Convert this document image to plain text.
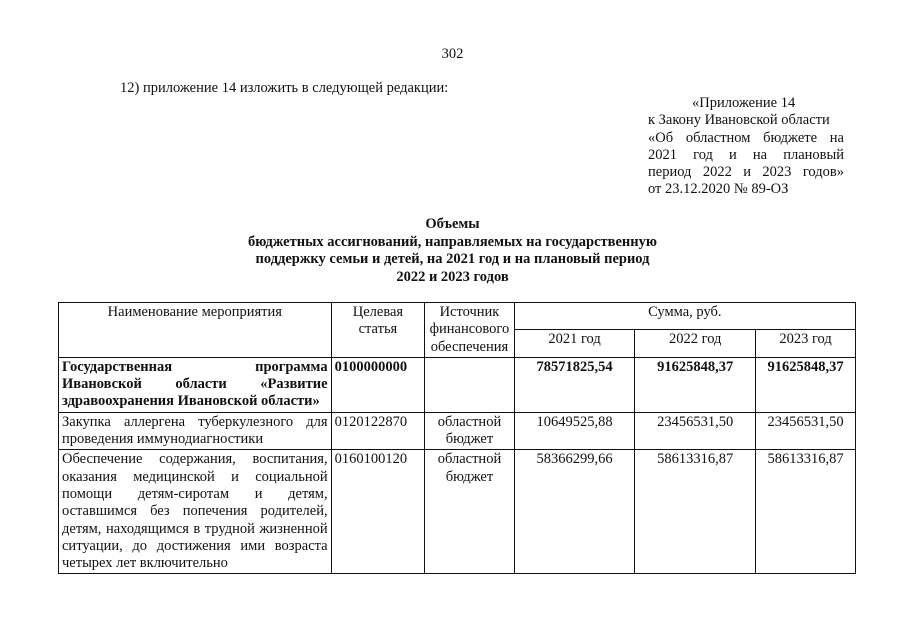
302
12) приложение 14 изложить в следующей редакции:
«Приложение 14
к Закону Ивановской области
«Об областном бюджете на
2021 год и на плановый
период 2022 и 2023 годов»
от 23.12.2020 № 89-ОЗ
Объемы
бюджетных ассигнований, направляемых на государственную
поддержку семьи и детей, на 2021 год и на плановый период
2022 и 2023 годов
Наименование мероприятия	Целевая статья	Источник финансового обеспечения	Сумма, руб.		
			2021 год	2022 год	2023 год
Государственная программа Ивановской области «Развитие здравоохранения Ивановской области»	0100000000		78571825,54	91625848,37	91625848,37
Закупка аллергена туберкулезного для проведения иммунодиагностики	0120122870	областной бюджет	10649525,88	23456531,50	23456531,50
Обеспечение содержания, воспитания, оказания медицинской и социальной помощи детям-сиротам и детям, оставшимся без попечения родителей, детям, находящимся в трудной жизненной ситуации, до достижения ими возраста четырех лет включительно	0160100120	областной бюджет	58366299,66	58613316,87	58613316,87
